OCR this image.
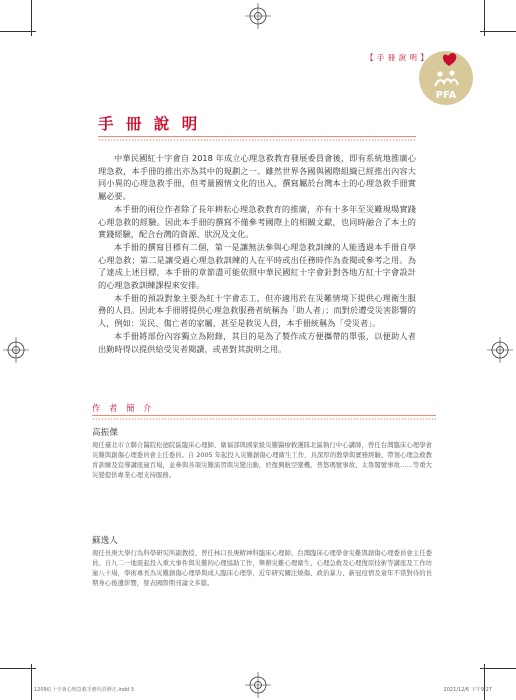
【 手 冊 說 明 】
PFA
手 冊 說 明

中華民國紅十字會自 2018 年成立心理急救教育發展委員會後，即有系統地推廣心理急救，本手冊的推出亦為其中的規劃之一。雖然世界各國與國際組織已經推出內容大同小異的心理急救手冊，但考量國情文化的出入，撰寫屬於台灣本土的心理急救手冊實屬必要。

本手冊的兩位作者除了長年耕耘心理急救教育的推廣，亦有十多年至災難現場實踐心理急救的經驗。因此本手冊的撰寫不僅參考國際上的相關文獻，也同時融合了本土的實踐經驗，配合台灣的資源、狀況及文化。

本手冊的撰寫目標有二個，第一是讓無法參與心理急救訓練的人能透過本手冊自學心理急救；第二是讓受過心理急救訓練的人在平時或出任務時作為查閱或參考之用。為了達成上述目標，本手冊的章節盡可能依照中華民國紅十字會針對各地方紅十字會設計的心理急救訓練課程來安排。

本手冊的預設對象主要為紅十字會志工，但亦適用於在災難情境下提供心理衛生服務的人員。因此本手冊將提供心理急救服務者統稱為「助人者」；而對於遭受災害影響的人，例如：災民、傷亡者的家屬、甚至是救災人員，本手冊統稱為「受災者」。

本手冊將部份內容獨立為附錄，其目的是為了製作成方便攜帶的單張，以便助人者出勤時得以提供給受災者閱讀，或者對其說明之用。

作 者 簡 介

高振傑

現任臺北市立聯合醫院松德院區臨床心理師、衛福部與國家級災難醫療救護隊北區執行中心講師，曾任台灣臨床心理學會災難與創傷心理委員會主任委員。自 2005 年起投入災難創傷心理衛生工作，具深厚的教學與實務經驗，帶領心理急救教育訓練及宣導講座逾百場，並參與各項災難演習與災變出動，於復興航空墜機、普悠瑪號事故、太魯閣號事故……等重大災變提供專業心理支持服務。

蘇逸人

現任長庚大學行為科學研究所副教授、曾任林口長庚精神科臨床心理師、台灣臨床心理學會災難與創傷心理委員會主任委員。自九二一地震起投入重大事件與災難的心理協助工作，舉辦災難心理衛生、心理急救及心理復原技術等講座及工作坊逾八十場，學術專長為災難創傷心理學與成人臨床心理學，近年研究關注燒傷、政治暴力、新冠疫情及童年不當對待的長期身心後遺影響，發表國際期刊論文多篇。

1209紅十字會心理急救手冊內頁修正.indd 3	2021/12/6 下午9:27
